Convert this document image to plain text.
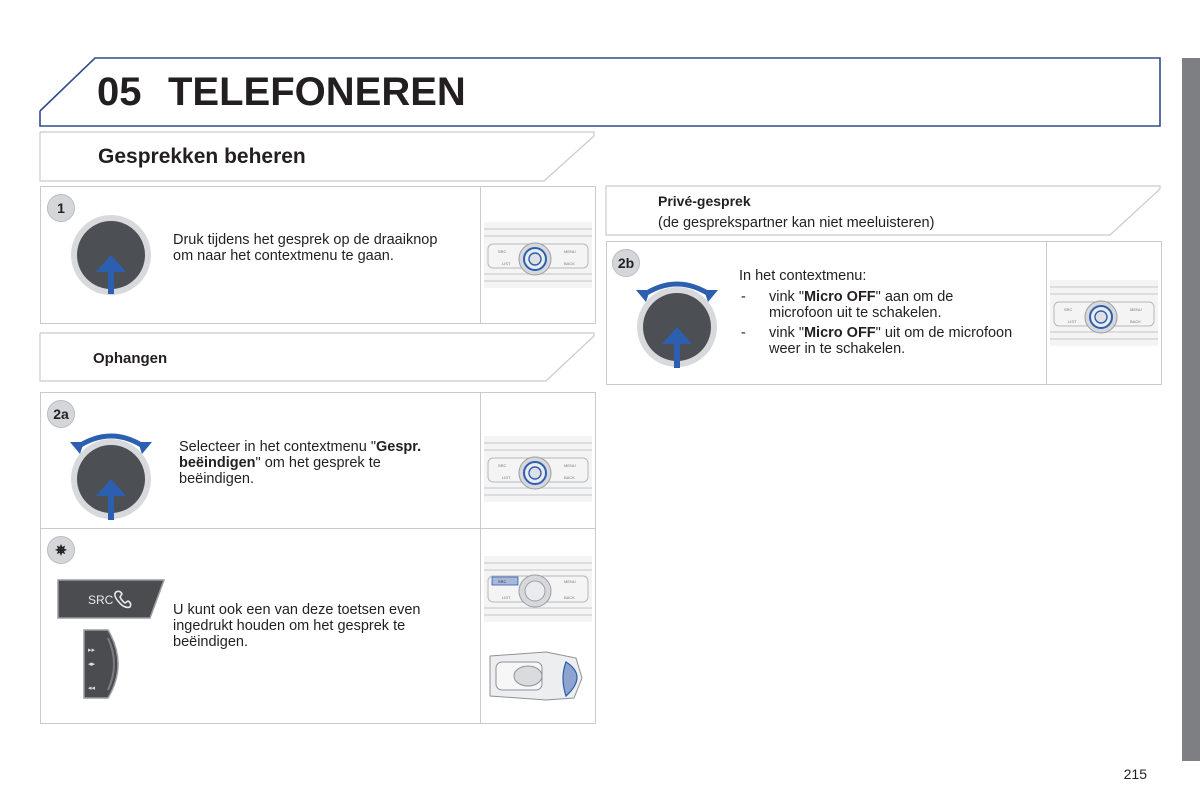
05 TELEFONEREN
Gesprekken beheren
1
Druk tijdens het gesprek op de draaiknop om naar het contextmenu te gaan.	SRC	MENU
LIST	BACK
Ophangen
2a
Selecteer in het contextmenu "Gespr. beëindigen" om het gesprek te beëindigen.
SRC	MENU
LIST	BACK
✵
SRC
▸▸
◂▸
◂◂
U kunt ook een van deze toetsen even ingedrukt houden om het gesprek te beëindigen.
SRC	MENU
LIST	BACK
Privé-gesprek
(de gesprekspartner kan niet meeluisteren)
2b
In het contextmenu:
- vink "Micro OFF" aan om de microfoon uit te schakelen.
- vink "Micro OFF" uit om de microfoon weer in te schakelen.
SRC	MENU
LIST	BACK
215
